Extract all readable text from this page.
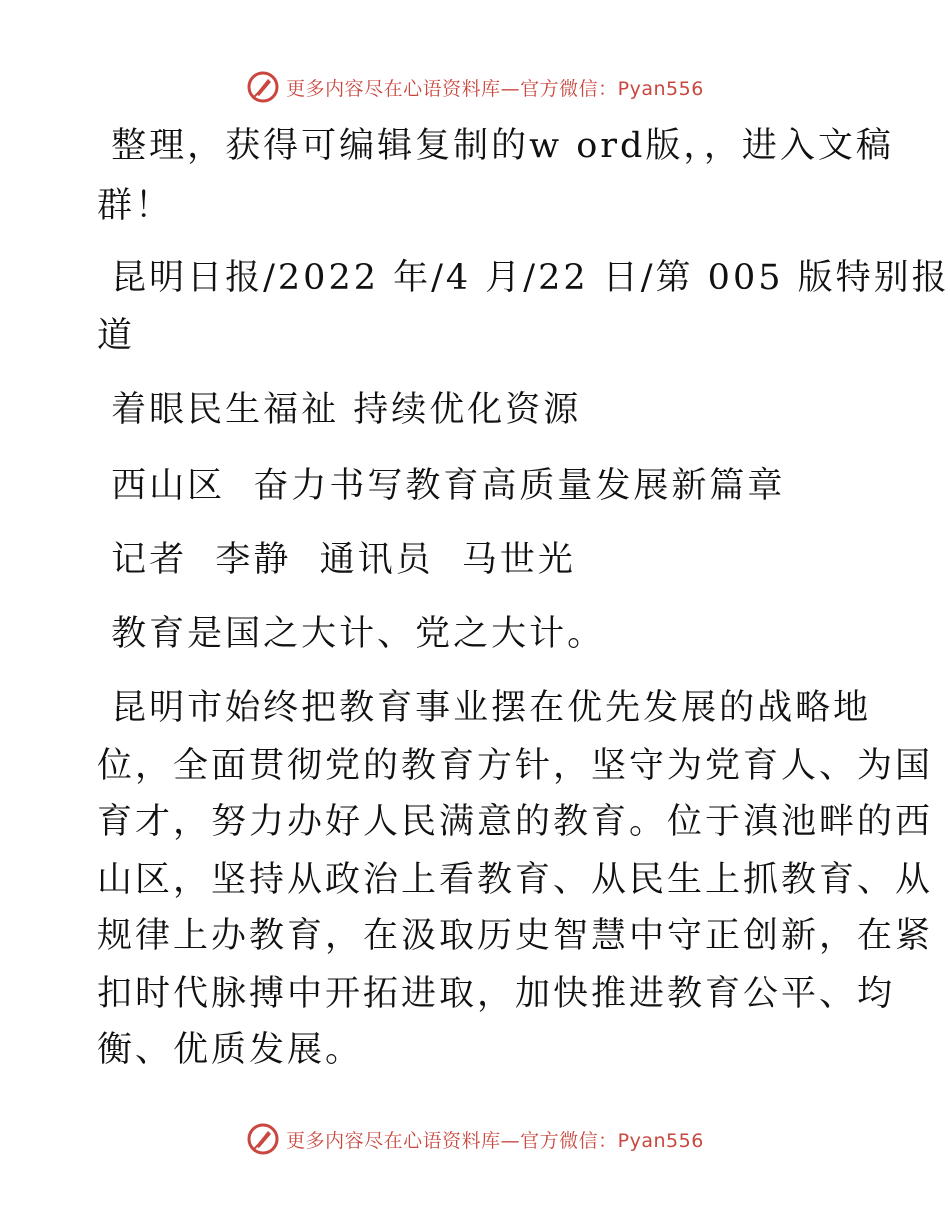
更多内容尽在心语资料库—官方微信：Pyan556
整理，获得可编辑复制的w ord版，，进入文稿
群！
昆明日报/2022 年/4 月/22 日/第 005 版特别报
道
着眼民生福祉 持续优化资源
西山区  奋力书写教育高质量发展新篇章
记者  李静  通讯员  马世光
教育是国之大计、党之大计。
昆明市始终把教育事业摆在优先发展的战略地
位，全面贯彻党的教育方针，坚守为党育人、为国
育才，努力办好人民满意的教育。位于滇池畔的西
山区，坚持从政治上看教育、从民生上抓教育、从
规律上办教育，在汲取历史智慧中守正创新，在紧
扣时代脉搏中开拓进取，加快推进教育公平、均
衡、优质发展。
更多内容尽在心语资料库—官方微信：Pyan556
